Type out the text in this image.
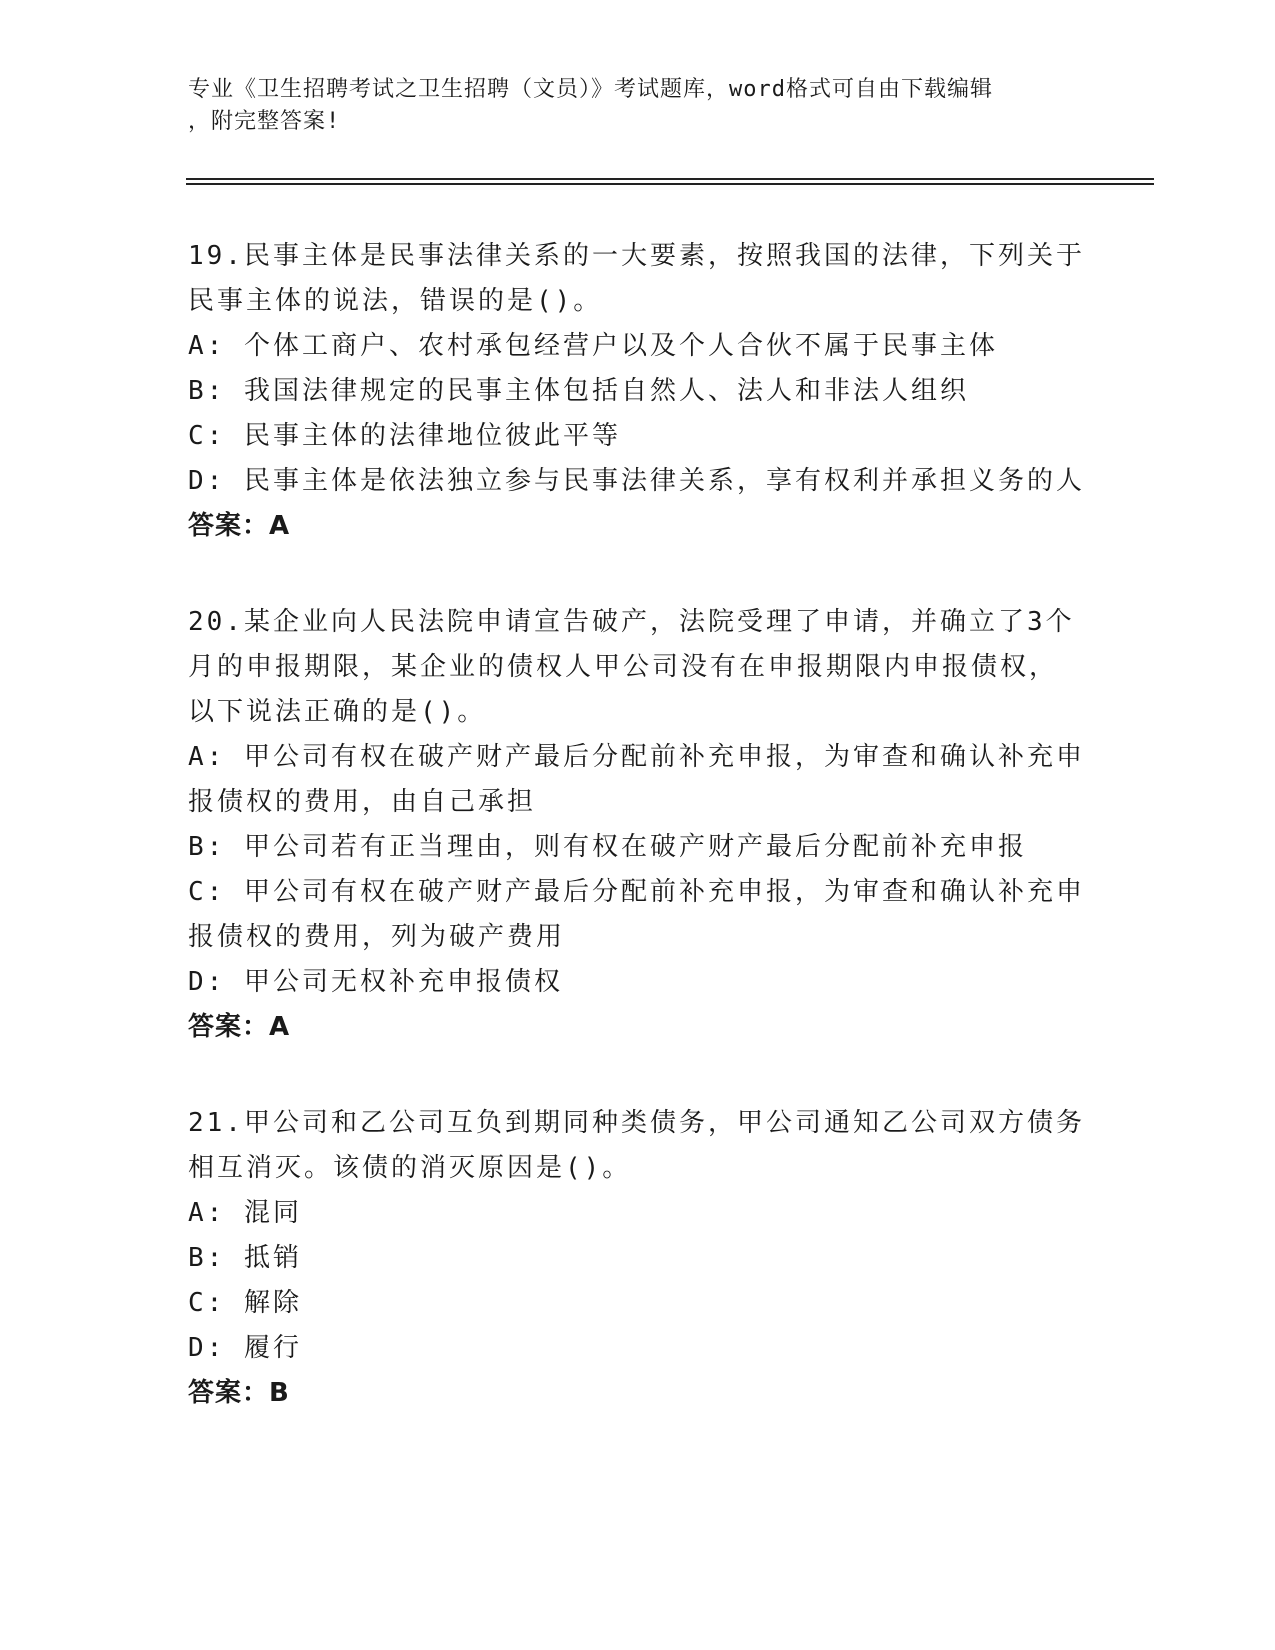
专业《卫生招聘考试之卫生招聘（文员）》考试题库，word格式可自由下载编辑
，附完整答案!
19.民事主体是民事法律关系的一大要素，按照我国的法律，下列关于
民事主体的说法，错误的是()。
A: 个体工商户、农村承包经营户以及个人合伙不属于民事主体
B: 我国法律规定的民事主体包括自然人、法人和非法人组织
C: 民事主体的法律地位彼此平等
D: 民事主体是依法独立参与民事法律关系，享有权利并承担义务的人
答案：A
20.某企业向人民法院申请宣告破产，法院受理了申请，并确立了3个
月的申报期限，某企业的债权人甲公司没有在申报期限内申报债权，
以下说法正确的是()。
A: 甲公司有权在破产财产最后分配前补充申报，为审查和确认补充申
报债权的费用，由自己承担
B: 甲公司若有正当理由，则有权在破产财产最后分配前补充申报
C: 甲公司有权在破产财产最后分配前补充申报，为审查和确认补充申
报债权的费用，列为破产费用
D: 甲公司无权补充申报债权
答案：A
21.甲公司和乙公司互负到期同种类债务，甲公司通知乙公司双方债务
相互消灭。该债的消灭原因是()。
A: 混同
B: 抵销
C: 解除
D: 履行
答案：B
